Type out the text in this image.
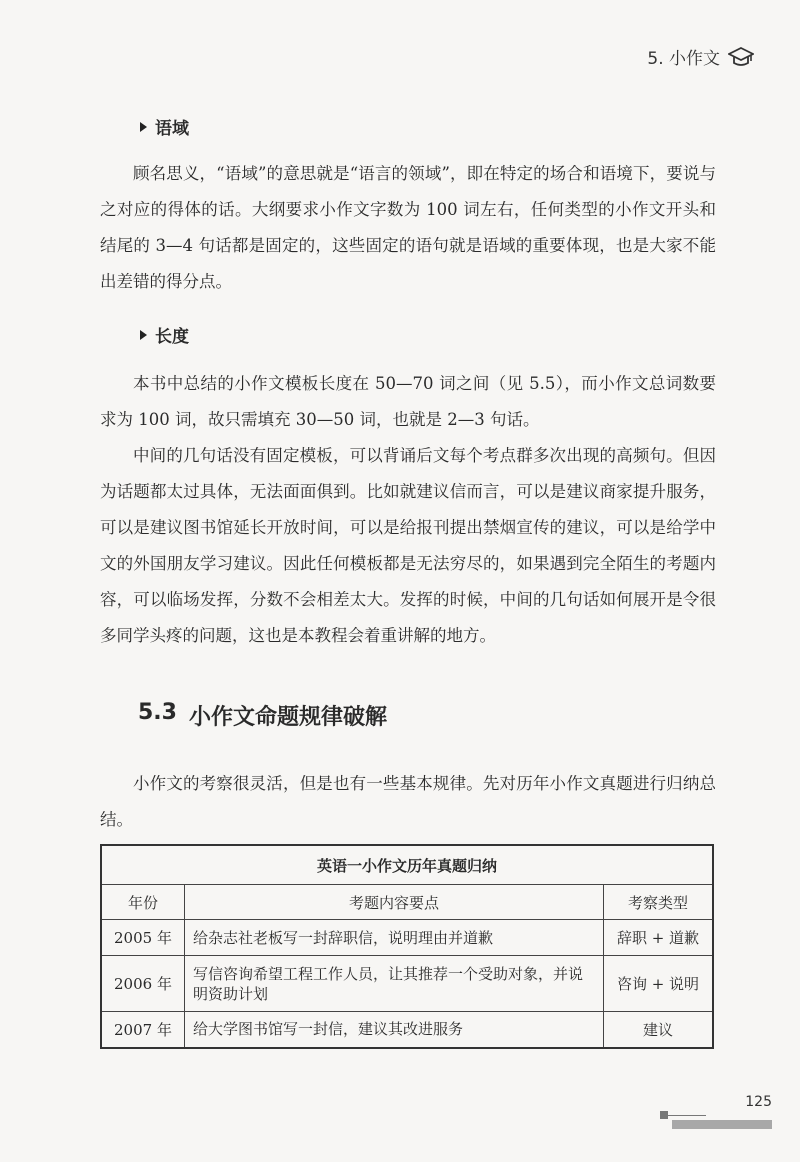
5. 小作文
语域

顾名思义，“语域”的意思就是“语言的领域”，即在特定的场合和语境下，要说与之对应的得体的话。大纲要求小作文字数为 100 词左右，任何类型的小作文开头和结尾的 3—4 句话都是固定的，这些固定的语句就是语域的重要体现，也是大家不能出差错的得分点。

长度

本书中总结的小作文模板长度在 50—70 词之间（见 5.5），而小作文总词数要求为 100 词，故只需填充 30—50 词，也就是 2—3 句话。

中间的几句话没有固定模板，可以背诵后文每个考点群多次出现的高频句。但因为话题都太过具体，无法面面俱到。比如就建议信而言，可以是建议商家提升服务，可以是建议图书馆延长开放时间，可以是给报刊提出禁烟宣传的建议，可以是给学中文的外国朋友学习建议。因此任何模板都是无法穷尽的，如果遇到完全陌生的考题内容，可以临场发挥，分数不会相差太大。发挥的时候，中间的几句话如何展开是令很多同学头疼的问题，这也是本教程会着重讲解的地方。

5.3 小作文命题规律破解

小作文的考察很灵活，但是也有一些基本规律。先对历年小作文真题进行归纳总结。

英语一小作文历年真题归纳		
年份	考题内容要点	考察类型
2005 年	给杂志社老板写一封辞职信，说明理由并道歉	辞职 + 道歉
2006 年	写信咨询希望工程工作人员，让其推荐一个受助对象，并说明资助计划	咨询 + 说明
2007 年	给大学图书馆写一封信，建议其改进服务	建议
125
